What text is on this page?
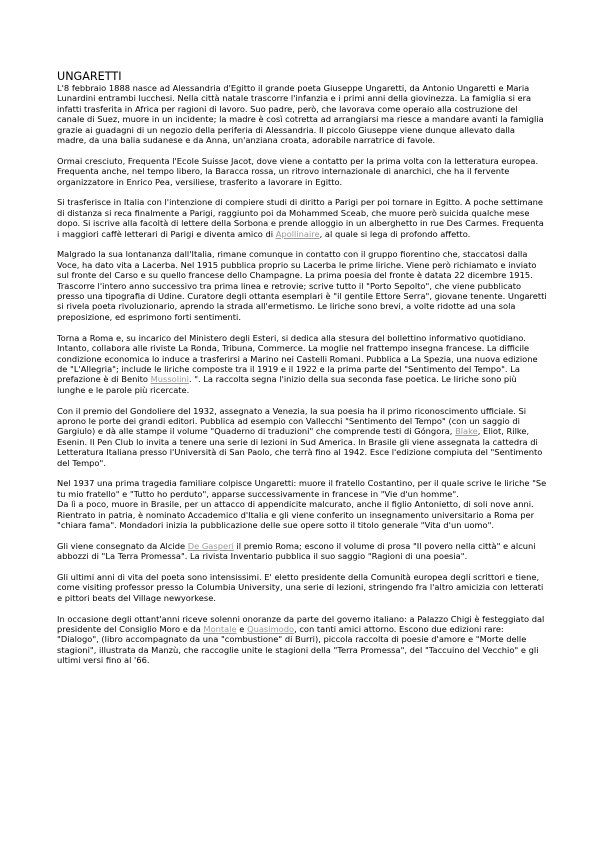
UNGARETTI

L'8 febbraio 1888 nasce ad Alessandria d'Egitto il grande poeta Giuseppe Ungaretti, da Antonio Ungaretti e Maria Lunardini entrambi lucchesi. Nella città natale trascorre l'infanzia e i primi anni della giovinezza. La famiglia si era infatti trasferita in Africa per ragioni di lavoro. Suo padre, però, che lavorava come operaio alla costruzione del canale di Suez, muore in un incidente; la madre è così cotretta ad arrangiarsi ma riesce a mandare avanti la famiglia grazie ai guadagni di un negozio della periferia di Alessandria. Il piccolo Giuseppe viene dunque allevato dalla madre, da una balia sudanese e da Anna, un'anziana croata, adorabile narratrice di favole.

Ormai cresciuto, Frequenta l'Ecole Suisse Jacot, dove viene a contatto per la prima volta con la letteratura europea. Frequenta anche, nel tempo libero, la Baracca rossa, un ritrovo internazionale di anarchici, che ha il fervente organizzatore in Enrico Pea, versiliese, trasferito a lavorare in Egitto.

Si trasferisce in Italia con l'intenzione di compiere studi di diritto a Parigi per poi tornare in Egitto. A poche settimane di distanza si reca finalmente a Parigi, raggiunto poi da Mohammed Sceab, che muore però suicida qualche mese dopo. Si iscrive alla facoltà di lettere della Sorbona e prende alloggio in un alberghetto in rue Des Carmes. Frequenta i maggiori caffè letterari di Parigi e diventa amico di Apollinaire, al quale si lega di profondo affetto.

Malgrado la sua lontananza dall'Italia, rimane comunque in contatto con il gruppo fiorentino che, staccatosi dalla Voce, ha dato vita a Lacerba. Nel 1915 pubblica proprio su Lacerba le prime liriche. Viene però richiamato e inviato sul fronte del Carso e su quello francese dello Champagne. La prima poesia del fronte è datata 22 dicembre 1915. Trascorre l'intero anno successivo tra prima linea e retrovie; scrive tutto il "Porto Sepolto", che viene pubblicato presso una tipografia di Udine. Curatore degli ottanta esemplari è "il gentile Ettore Serra", giovane tenente. Ungaretti si rivela poeta rivoluzionario, aprendo la strada all'ermetismo. Le liriche sono brevi, a volte ridotte ad una sola preposizione, ed esprimono forti sentimenti.

Torna a Roma e, su incarico del Ministero degli Esteri, si dedica alla stesura del bollettino informativo quotidiano. Intanto, collabora alle riviste La Ronda, Tribuna, Commerce. La moglie nel frattempo insegna francese. La difficile condizione economica lo induce a trasferirsi a Marino nei Castelli Romani. Pubblica a La Spezia, una nuova edizione de "L'Allegria"; include le liriche composte tra il 1919 e il 1922 e la prima parte del "Sentimento del Tempo". La prefazione è di Benito Mussolini. ". La raccolta segna l'inizio della sua seconda fase poetica. Le liriche sono più lunghe e le parole più ricercate.

Con il premio del Gondoliere del 1932, assegnato a Venezia, la sua poesia ha il primo riconoscimento ufficiale. Si aprono le porte dei grandi editori. Pubblica ad esempio con Vallecchi "Sentimento del Tempo" (con un saggio di Gargiulo) e dà alle stampe il volume "Quaderno di traduzioni" che comprende testi di Góngora, Blake, Eliot, Rilke, Esenin. Il Pen Club lo invita a tenere una serie di lezioni in Sud America. In Brasile gli viene assegnata la cattedra di Letteratura Italiana presso l'Università di San Paolo, che terrà fino al 1942. Esce l'edizione compiuta del "Sentimento del Tempo".

Nel 1937 una prima tragedia familiare colpisce Ungaretti: muore il fratello Costantino, per il quale scrive le liriche "Se tu mio fratello" e "Tutto ho perduto", apparse successivamente in francese in "Vie d'un homme".
Da lì a poco, muore in Brasile, per un attacco di appendicite malcurato, anche il figlio Antonietto, di soli nove anni.
Rientrato in patria, è nominato Accademico d'Italia e gli viene conferito un insegnamento universitario a Roma per "chiara fama". Mondadori inizia la pubblicazione delle sue opere sotto il titolo generale "Vita d'un uomo".

Gli viene consegnato da Alcide De Gasperi il premio Roma; escono il volume di prosa "Il povero nella città" e alcuni abbozzi di "La Terra Promessa". La rivista Inventario pubblica il suo saggio "Ragioni di una poesia".

Gli ultimi anni di vita del poeta sono intensissimi. E' eletto presidente della Comunità europea degli scrittori e tiene, come visiting professor presso la Columbia University, una serie di lezioni, stringendo fra l'altro amicizia con letterati e pittori beats del Village newyorkese.

In occasione degli ottant'anni riceve solenni onoranze da parte del governo italiano: a Palazzo Chigi è festeggiato dal presidente del Consiglio Moro e da Montale e Quasimodo, con tanti amici attorno. Escono due edizioni rare: "Dialogo", (libro accompagnato da una "combustione" di Burri), piccola raccolta di poesie d'amore e "Morte delle stagioni", illustrata da Manzù, che raccoglie unite le stagioni della "Terra Promessa", del "Taccuino del Vecchio" e gli ultimi versi fino al '66.
